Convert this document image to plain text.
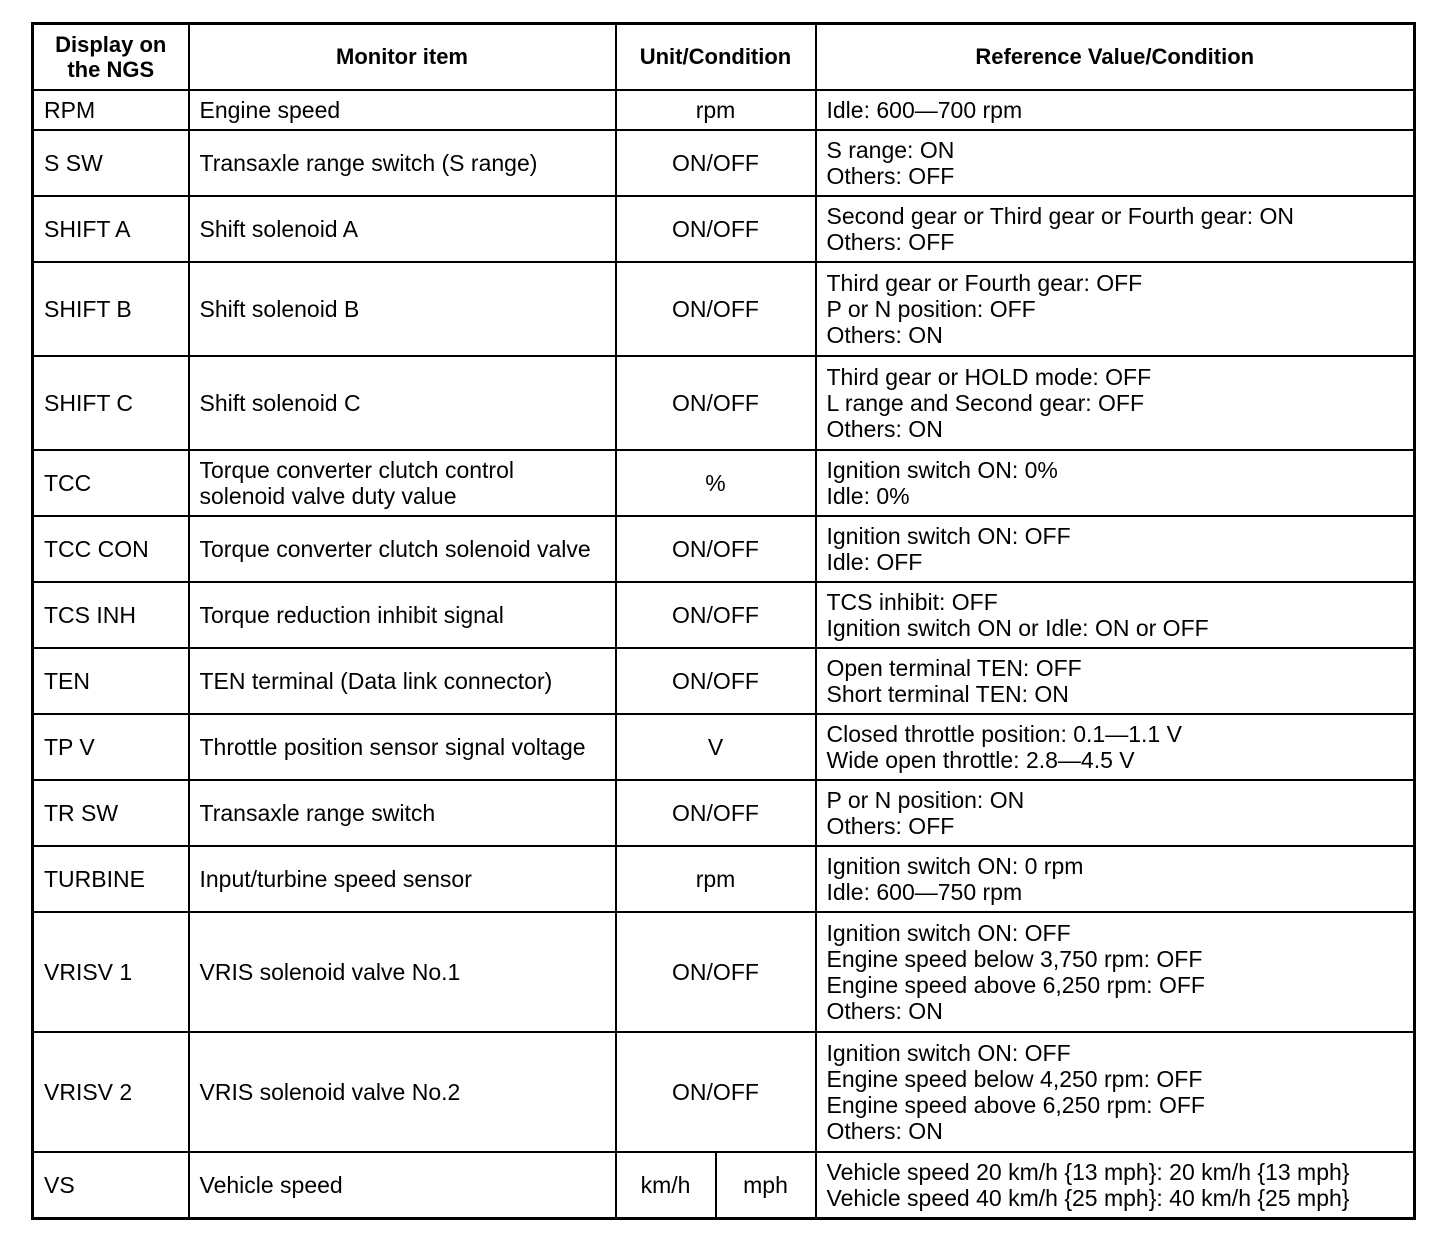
Display on the NGS	Monitor item	Unit/Condition	Reference Value/Condition
RPM	Engine speed	rpm	Idle: 600—700 rpm

S SW	Transaxle range switch (S range)	ON/OFF	S range: ON
Others: OFF

SHIFT A	Shift solenoid A	ON/OFF	Second gear or Third gear or Fourth gear: ON
Others: OFF

SHIFT B	Shift solenoid B	ON/OFF	Third gear or Fourth gear: OFF
P or N position: OFF
Others: ON

SHIFT C	Shift solenoid C	ON/OFF	Third gear or HOLD mode: OFF
L range and Second gear: OFF
Others: ON

TCC	Torque converter clutch control solenoid valve duty value	%	Ignition switch ON: 0%
Idle: 0%

TCC CON	Torque converter clutch solenoid valve	ON/OFF	Ignition switch ON: OFF
Idle: OFF

TCS INH	Torque reduction inhibit signal	ON/OFF	TCS inhibit: OFF
Ignition switch ON or Idle: ON or OFF

TEN	TEN terminal (Data link connector)	ON/OFF	Open terminal TEN: OFF
Short terminal TEN: ON

TP V	Throttle position sensor signal voltage	V	Closed throttle position: 0.1—1.1 V
Wide open throttle: 2.8—4.5 V

TR SW	Transaxle range switch	ON/OFF	P or N position: ON
Others: OFF

TURBINE	Input/turbine speed sensor	rpm	Ignition switch ON: 0 rpm
Idle: 600—750 rpm

VRISV 1	VRIS solenoid valve No.1	ON/OFF	Ignition switch ON: OFF
Engine speed below 3,750 rpm: OFF
Engine speed above 6,250 rpm: OFF
Others: ON

VRISV 2	VRIS solenoid valve No.2	ON/OFF	Ignition switch ON: OFF
Engine speed below 4,250 rpm: OFF
Engine speed above 6,250 rpm: OFF
Others: ON

VS	Vehicle speed	km/h mph	Vehicle speed 20 km/h {13 mph}: 20 km/h {13 mph}
Vehicle speed 40 km/h {25 mph}: 40 km/h {25 mph}
